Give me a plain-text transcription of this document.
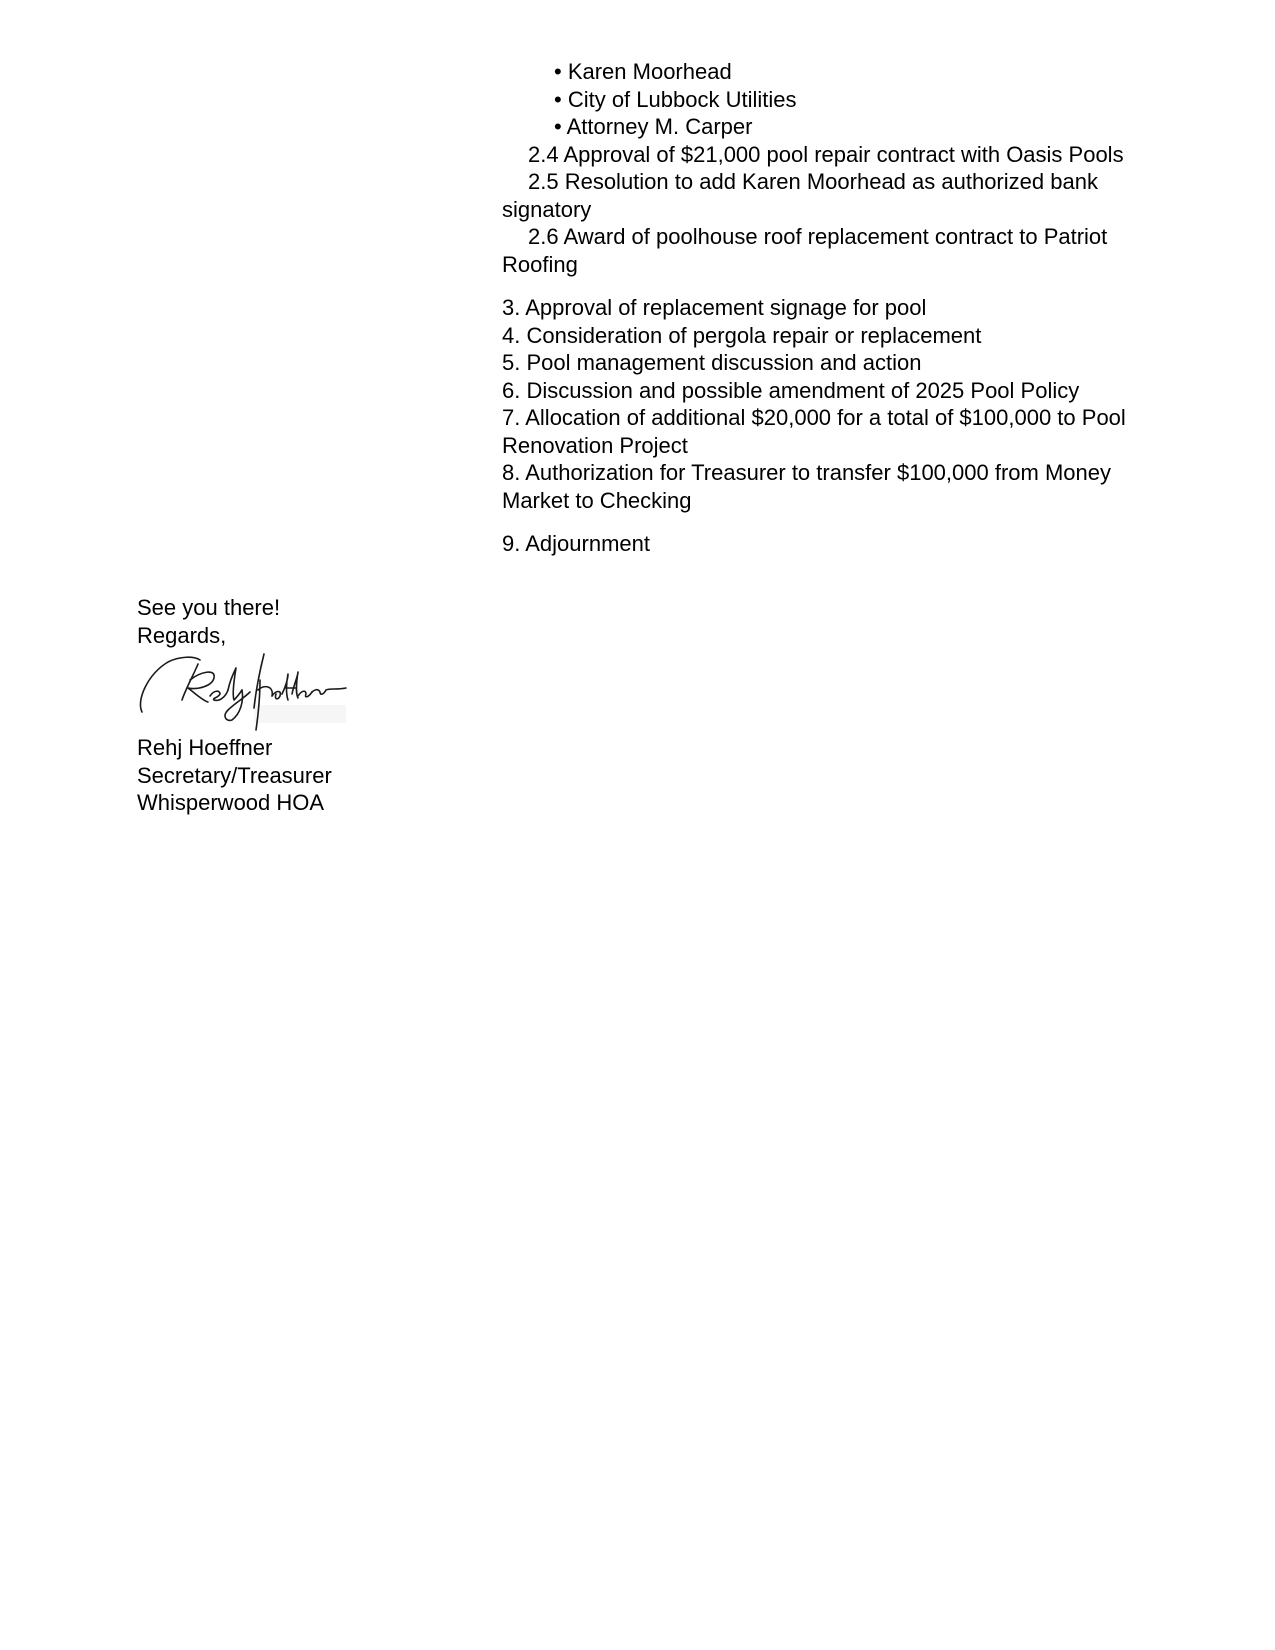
• Karen Moorhead
• City of Lubbock Utilities
• Attorney M. Carper
2.4 Approval of $21,000 pool repair contract with Oasis Pools
2.5 Resolution to add Karen Moorhead as authorized bank signatory
2.6 Award of poolhouse roof replacement contract to Patriot Roofing
3. Approval of replacement signage for pool
4. Consideration of pergola repair or replacement
5. Pool management discussion and action
6. Discussion and possible amendment of 2025 Pool Policy
7. Allocation of additional $20,000 for a total of $100,000 to Pool Renovation Project
8. Authorization for Treasurer to transfer $100,000 from Money Market to Checking
9. Adjournment
See you there!
Regards,
Rehj Hoeffner
Secretary/Treasurer
Whisperwood HOA
